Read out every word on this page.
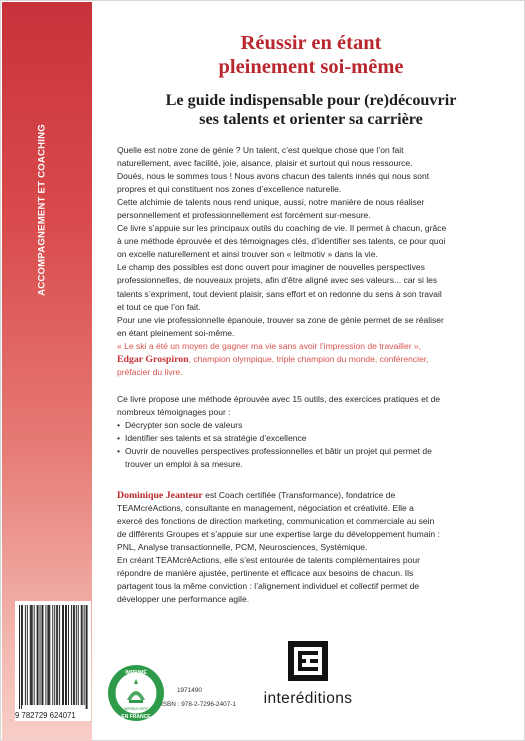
ACCOMPAGNEMENT ET COACHING
Réussir en étant
pleinement soi-même
Le guide indispensable pour (re)découvrir
ses talents et orienter sa carrière

Quelle est notre zone de génie ? Un talent, c’est quelque chose que l’on fait
naturellement, avec facilité, joie, aisance, plaisir et surtout qui nous ressource.

Doués, nous le sommes tous ! Nous avons chacun des talents innés qui nous sont
propres et qui constituent nos zones d’excellence naturelle.

Cette alchimie de talents nous rend unique, aussi, notre manière de nous réaliser
personnellement et professionnellement est forcément sur-mesure.

Ce livre s’appuie sur les principaux outils du coaching de vie. Il permet à chacun, grâce
à une méthode éprouvée et des témoignages clés, d’identifier ses talents, ce pour quoi
on excelle naturellement et ainsi trouver son « leitmotiv » dans la vie.

Le champ des possibles est donc ouvert pour imaginer de nouvelles perspectives
professionnelles, de nouveaux projets, afin d’être aligné avec ses valeurs... car si les
talents s’expriment, tout devient plaisir, sans effort et on redonne du sens à son travail
et tout ce que l’on fait.

Pour une vie professionnelle épanouie, trouver sa zone de génie permet de se réaliser
en étant pleinement soi-même.

« Le ski a été un moyen de gagner ma vie sans avoir l’impression de travailler »,
Edgar Grospiron, champion olympique, triple champion du monde, conférencier,
préfacier du livre.

Ce livre propose une méthode éprouvée avec 15 outils, des exercices pratiques et de
nombreux témoignages pour :

• Décrypter son socle de valeurs
• Identifier ses talents et sa stratégie d’excellence
• Ouvrir de nouvelles perspectives professionnelles et bâtir un projet qui permet de
trouver un emploi à sa mesure.

Dominique Jeanteur est Coach certifiée (Transformance), fondatrice de
TEAMcréActions, consultante en management, négociation et créativité. Elle a
exercé des fonctions de direction marketing, communication et commerciale au sein
de différents Groupes et s’appuie sur une expertise large du développement humain :
PNL, Analyse transactionnelle, PCM, Neurosciences, Systémique.

En créant TEAMcréActions, elle s’est entourée de talents complémentaires pour
répondre de manière ajustée, pertinente et efficace aux besoins de chacun. Ils
partagent tous la même conviction : l’alignement individuel et collectif permet de
développer une performance agile.

9 782729 624071
IMPRIMÉ
EN FRANCE
IMPRIM'VERT
1971490
ISBN : 978-2-7296-2407-1	interéditions
